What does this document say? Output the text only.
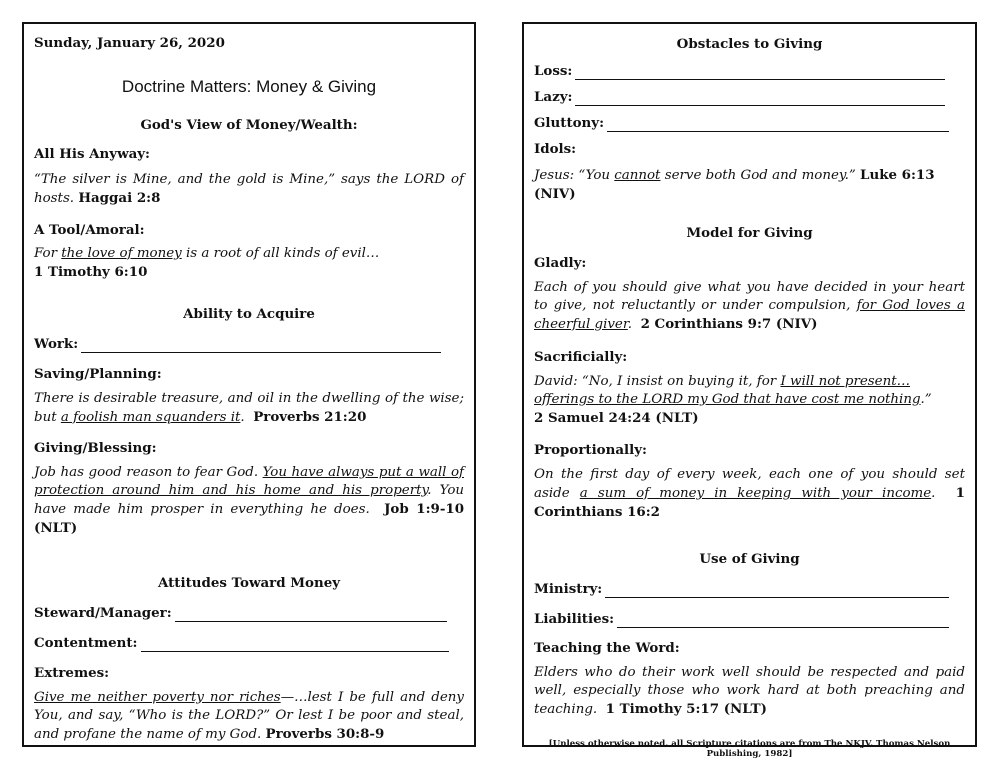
Sunday, January 26, 2020

Doctrine Matters: Money & Giving

God's View of Money/Wealth:

All His Anyway:

“The silver is Mine, and the gold is Mine,” says the LORD of hosts. Haggai 2:8

A Tool/Amoral:

For the love of money is a root of all kinds of evil…

1 Timothy 6:10

Ability to Acquire

Work:

Saving/Planning:

There is desirable treasure, and oil in the dwelling of the wise; but a foolish man squanders it. Proverbs 21:20

Giving/Blessing:

Job has good reason to fear God. You have always put a wall of protection around him and his home and his property. You have made him prosper in everything he does. Job 1:9-10 (NLT)

Attitudes Toward Money

Steward/Manager:
Contentment:

Extremes:

Give me neither poverty nor riches—…lest I be full and deny You, and say, “Who is the LORD?” Or lest I be poor and steal, and profane the name of my God. Proverbs 30:8-9

Obstacles to Giving

Loss:
Lazy:
Gluttony:

Idols:

Jesus: “You cannot serve both God and money.” Luke 6:13 (NIV)

Model for Giving

Gladly:

Each of you should give what you have decided in your heart to give, not reluctantly or under compulsion, for God loves a cheerful giver. 2 Corinthians 9:7 (NIV)

Sacrificially:

David: “No, I insist on buying it, for I will not present…offerings to the LORD my God that have cost me nothing.”

2 Samuel 24:24 (NLT)

Proportionally:

On the first day of every week, each one of you should set aside a sum of money in keeping with your income. 1 Corinthians 16:2

Use of Giving

Ministry:
Liabilities:

Teaching the Word:

Elders who do their work well should be respected and paid well, especially those who work hard at both preaching and teaching. 1 Timothy 5:17 (NLT)

[Unless otherwise noted, all Scripture citations are from The NKJV, Thomas Nelson Publishing, 1982]
